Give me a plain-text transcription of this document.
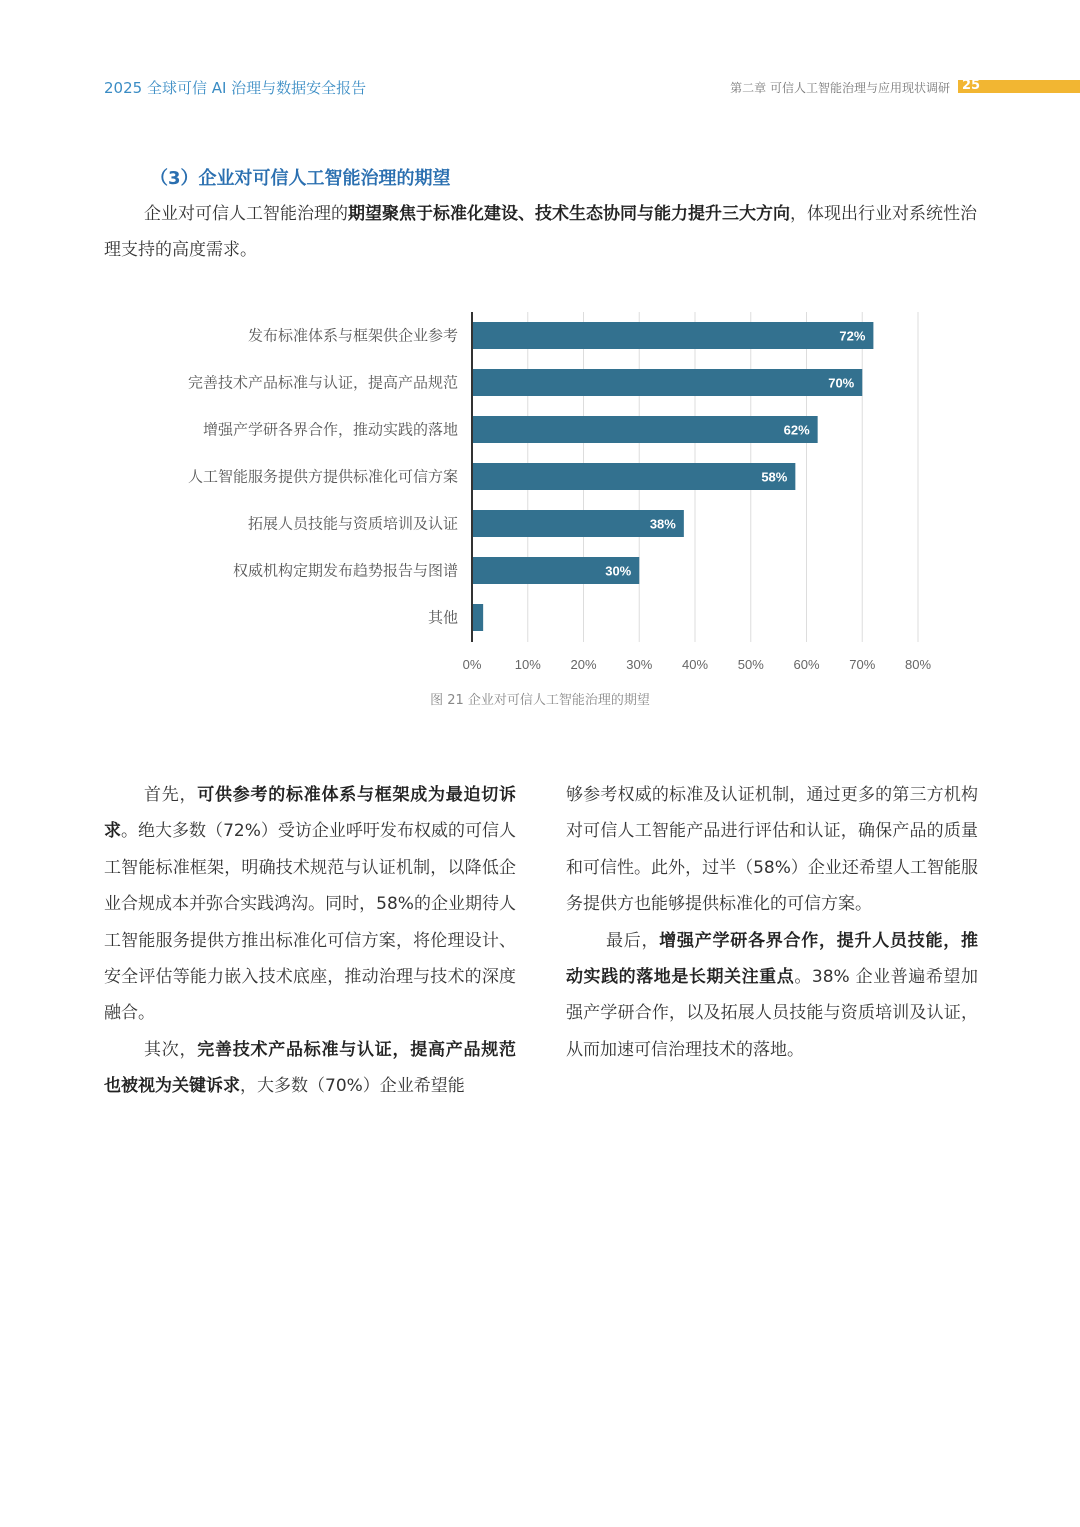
2025 全球可信 AI 治理与数据安全报告	第二章 可信人工智能治理与应用现状调研 25
（3）企业对可信人工智能治理的期望

企业对可信人工智能治理的期望聚焦于标准化建设、技术生态协同与能力提升三大方向，体现出行业对系统性治理支持的高度需求。

发布标准体系与框架供企业参考	72%
完善技术产品标准与认证，提高产品规范	70%
增强产学研各界合作，推动实践的落地	62%
人工智能服务提供方提供标准化可信方案	58%
拓展人员技能与资质培训及认证	38%
权威机构定期发布趋势报告与图谱	30%
其他
0%	10% 20% 30% 40% 50% 60% 70% 80%
图 21 企业对可信人工智能治理的期望

首先，可供参考的标准体系与框架成为最迫切诉求。绝大多数（72%）受访企业呼吁发布权威的可信人工智能标准框架，明确技术规范与认证机制，以降低企业合规成本并弥合实践鸿沟。同时，58%的企业期待人工智能服务提供方推出标准化可信方案，将伦理设计、安全评估等能力嵌入技术底座，推动治理与技术的深度融合。

其次，完善技术产品标准与认证，提高产品规范也被视为关键诉求，大多数（70%）企业希望能

够参考权威的标准及认证机制，通过更多的第三方机构对可信人工智能产品进行评估和认证，确保产品的质量和可信性。此外，过半（58%）企业还希望人工智能服务提供方也能够提供标准化的可信方案。

最后，增强产学研各界合作，提升人员技能，推动实践的落地是长期关注重点。38% 企业普遍希望加强产学研合作，以及拓展人员技能与资质培训及认证，从而加速可信治理技术的落地。
